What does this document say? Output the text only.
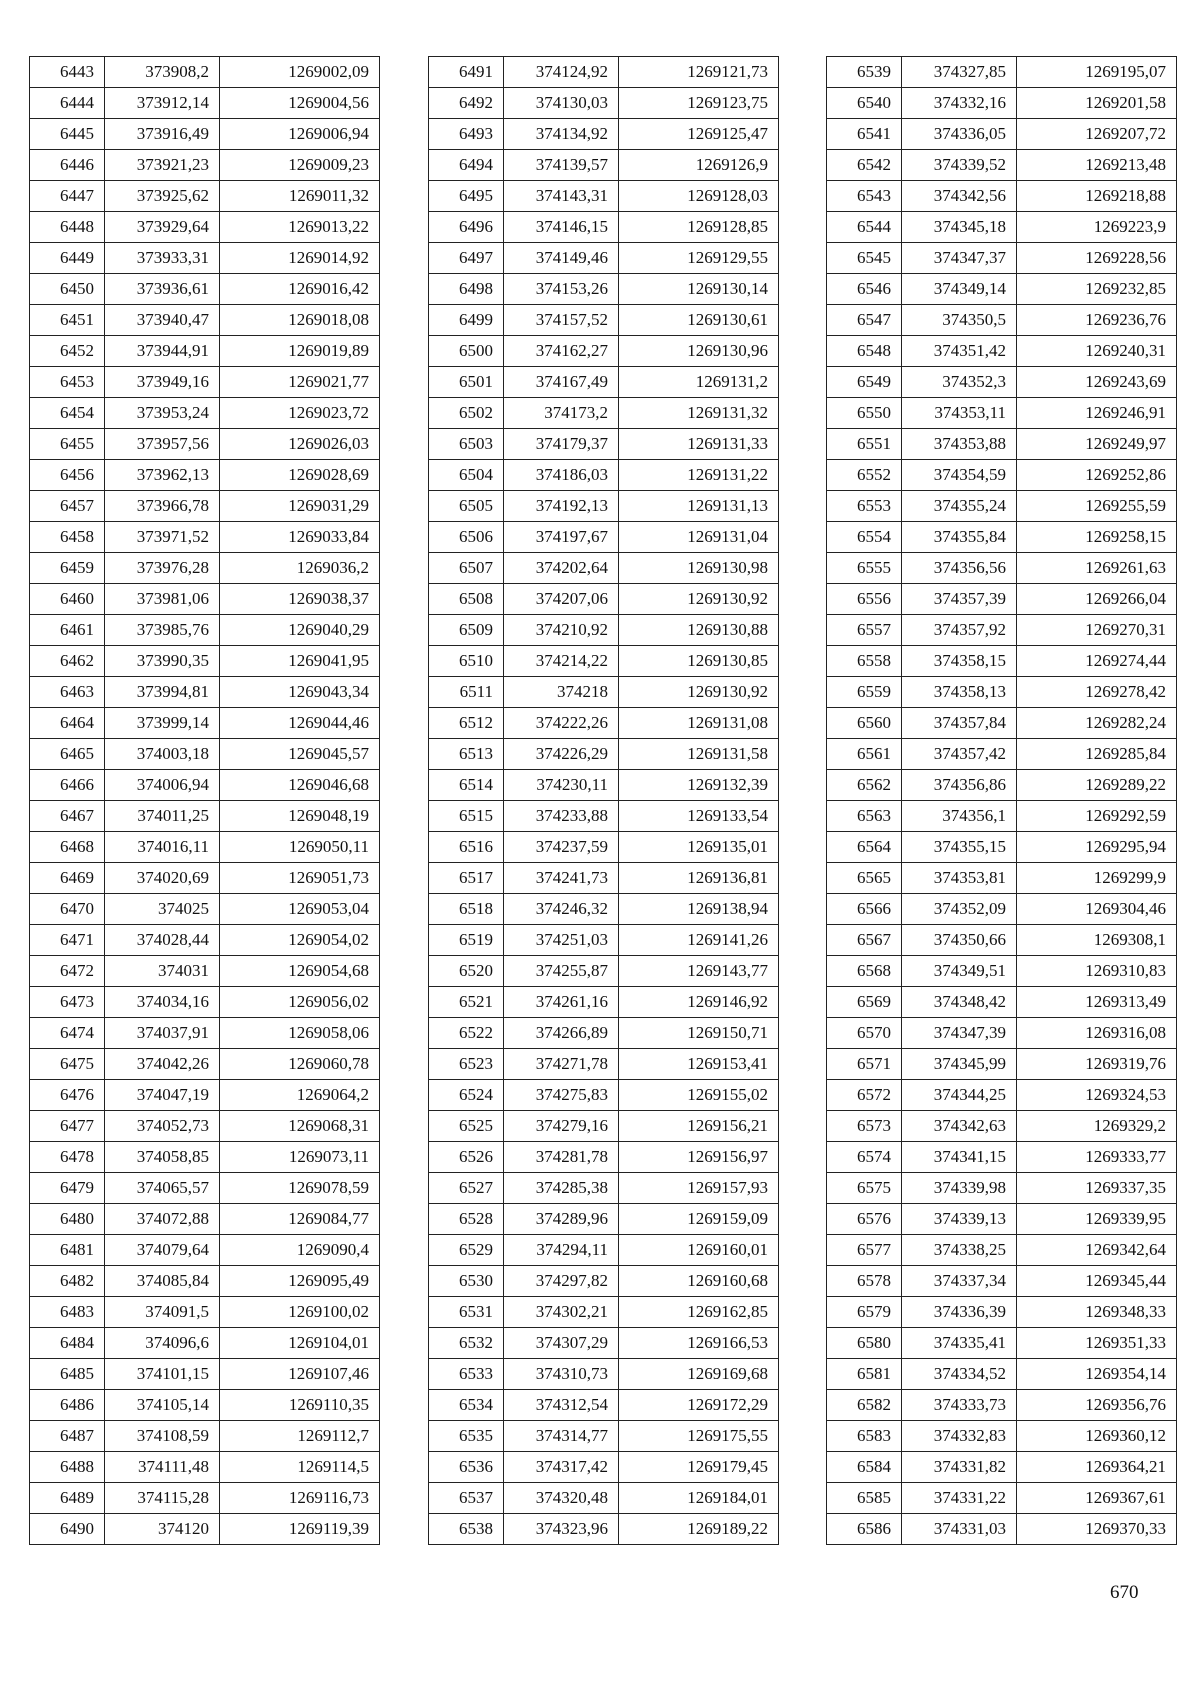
6443	373908,2	1269002,09
6444	373912,14	1269004,56
6445	373916,49	1269006,94
6446	373921,23	1269009,23
6447	373925,62	1269011,32
6448	373929,64	1269013,22
6449	373933,31	1269014,92
6450	373936,61	1269016,42
6451	373940,47	1269018,08
6452	373944,91	1269019,89
6453	373949,16	1269021,77
6454	373953,24	1269023,72
6455	373957,56	1269026,03
6456	373962,13	1269028,69
6457	373966,78	1269031,29
6458	373971,52	1269033,84
6459	373976,28	1269036,2
6460	373981,06	1269038,37
6461	373985,76	1269040,29
6462	373990,35	1269041,95
6463	373994,81	1269043,34
6464	373999,14	1269044,46
6465	374003,18	1269045,57
6466	374006,94	1269046,68
6467	374011,25	1269048,19
6468	374016,11	1269050,11
6469	374020,69	1269051,73
6470	374025	1269053,04
6471	374028,44	1269054,02
6472	374031	1269054,68
6473	374034,16	1269056,02
6474	374037,91	1269058,06
6475	374042,26	1269060,78
6476	374047,19	1269064,2
6477	374052,73	1269068,31
6478	374058,85	1269073,11
6479	374065,57	1269078,59
6480	374072,88	1269084,77
6481	374079,64	1269090,4
6482	374085,84	1269095,49
6483	374091,5	1269100,02
6484	374096,6	1269104,01
6485	374101,15	1269107,46
6486	374105,14	1269110,35
6487	374108,59	1269112,7
6488	374111,48	1269114,5
6489	374115,28	1269116,73
6490	374120	1269119,39
6491	374124,92	1269121,73
6492	374130,03	1269123,75
6493	374134,92	1269125,47
6494	374139,57	1269126,9
6495	374143,31	1269128,03
6496	374146,15	1269128,85
6497	374149,46	1269129,55
6498	374153,26	1269130,14
6499	374157,52	1269130,61
6500	374162,27	1269130,96
6501	374167,49	1269131,2
6502	374173,2	1269131,32
6503	374179,37	1269131,33
6504	374186,03	1269131,22
6505	374192,13	1269131,13
6506	374197,67	1269131,04
6507	374202,64	1269130,98
6508	374207,06	1269130,92
6509	374210,92	1269130,88
6510	374214,22	1269130,85
6511	374218	1269130,92
6512	374222,26	1269131,08
6513	374226,29	1269131,58
6514	374230,11	1269132,39
6515	374233,88	1269133,54
6516	374237,59	1269135,01
6517	374241,73	1269136,81
6518	374246,32	1269138,94
6519	374251,03	1269141,26
6520	374255,87	1269143,77
6521	374261,16	1269146,92
6522	374266,89	1269150,71
6523	374271,78	1269153,41
6524	374275,83	1269155,02
6525	374279,16	1269156,21
6526	374281,78	1269156,97
6527	374285,38	1269157,93
6528	374289,96	1269159,09
6529	374294,11	1269160,01
6530	374297,82	1269160,68
6531	374302,21	1269162,85
6532	374307,29	1269166,53
6533	374310,73	1269169,68
6534	374312,54	1269172,29
6535	374314,77	1269175,55
6536	374317,42	1269179,45
6537	374320,48	1269184,01
6538	374323,96	1269189,22
6539	374327,85	1269195,07
6540	374332,16	1269201,58
6541	374336,05	1269207,72
6542	374339,52	1269213,48
6543	374342,56	1269218,88
6544	374345,18	1269223,9
6545	374347,37	1269228,56
6546	374349,14	1269232,85
6547	374350,5	1269236,76
6548	374351,42	1269240,31
6549	374352,3	1269243,69
6550	374353,11	1269246,91
6551	374353,88	1269249,97
6552	374354,59	1269252,86
6553	374355,24	1269255,59
6554	374355,84	1269258,15
6555	374356,56	1269261,63
6556	374357,39	1269266,04
6557	374357,92	1269270,31
6558	374358,15	1269274,44
6559	374358,13	1269278,42
6560	374357,84	1269282,24
6561	374357,42	1269285,84
6562	374356,86	1269289,22
6563	374356,1	1269292,59
6564	374355,15	1269295,94
6565	374353,81	1269299,9
6566	374352,09	1269304,46
6567	374350,66	1269308,1
6568	374349,51	1269310,83
6569	374348,42	1269313,49
6570	374347,39	1269316,08
6571	374345,99	1269319,76
6572	374344,25	1269324,53
6573	374342,63	1269329,2
6574	374341,15	1269333,77
6575	374339,98	1269337,35
6576	374339,13	1269339,95
6577	374338,25	1269342,64
6578	374337,34	1269345,44
6579	374336,39	1269348,33
6580	374335,41	1269351,33
6581	374334,52	1269354,14
6582	374333,73	1269356,76
6583	374332,83	1269360,12
6584	374331,82	1269364,21
6585	374331,22	1269367,61
6586	374331,03	1269370,33
670
